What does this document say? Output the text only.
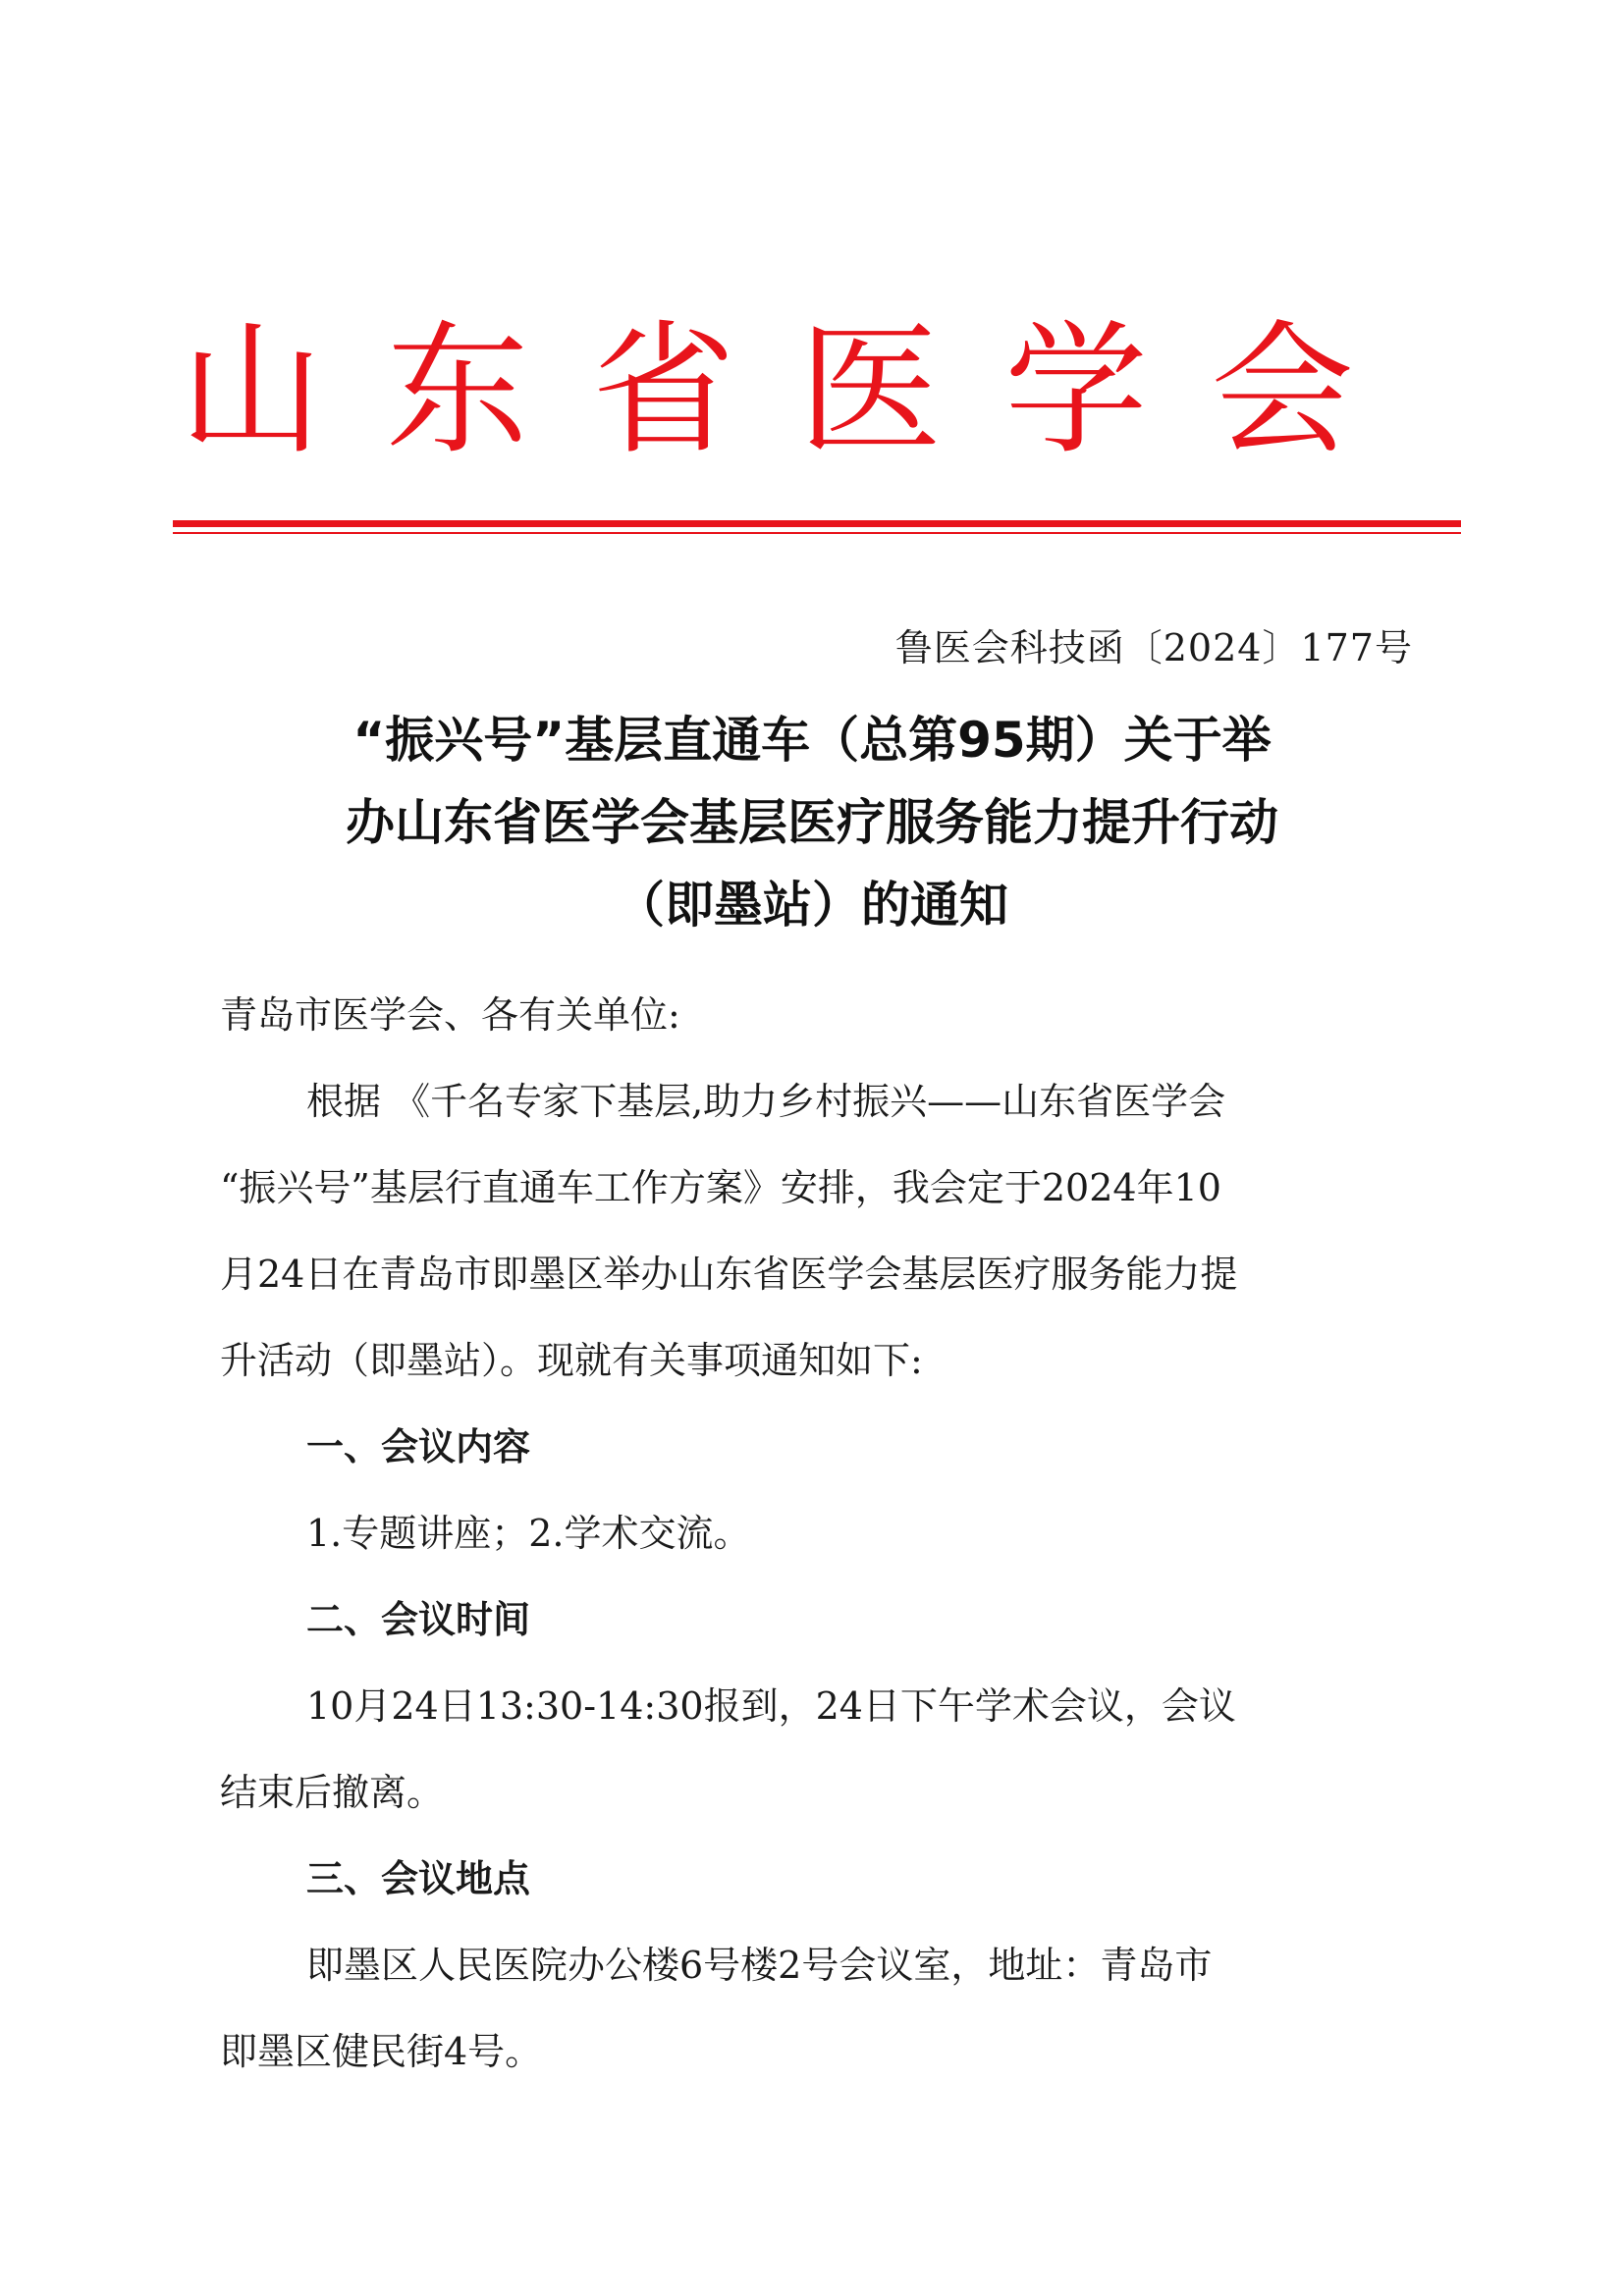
山 东 省 医 学 会
鲁医会科技函〔2024〕177号
“振兴号”基层直通车（总第95期）关于举
办山东省医学会基层医疗服务能力提升行动
（即墨站）的通知

青岛市医学会、各有关单位:

根据 《千名专家下基层,助力乡村振兴——山东省医学会

“振兴号”基层行直通车工作方案》安排，我会定于2024年10

月24日在青岛市即墨区举办山东省医学会基层医疗服务能力提

升活动（即墨站）。现就有关事项通知如下:

一、会议内容

1.专题讲座；2.学术交流。

二、会议时间

10月24日13:30-14:30报到，24日下午学术会议，会议

结束后撤离。

三、会议地点

即墨区人民医院办公楼6号楼2号会议室，地址：青岛市

即墨区健民街4号。
